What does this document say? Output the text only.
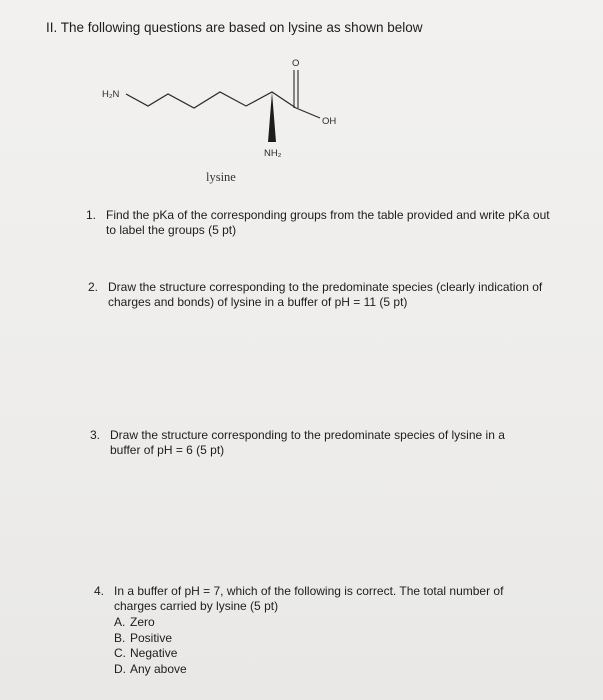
II. The following questions are based on lysine as shown below
H₂N
O
OH
NH₂
lysine
1. Find the pKa of the corresponding groups from the table provided and write pKa out to label the groups (5 pt)
2. Draw the structure corresponding to the predominate species (clearly indication of charges and bonds) of lysine in a buffer of pH = 11 (5 pt)
3. Draw the structure corresponding to the predominate species of lysine in a buffer of pH = 6 (5 pt)
4. In a buffer of pH = 7, which of the following is correct. The total number of charges carried by lysine (5 pt)
A. Zero
B. Positive
C. Negative
D. Any above
